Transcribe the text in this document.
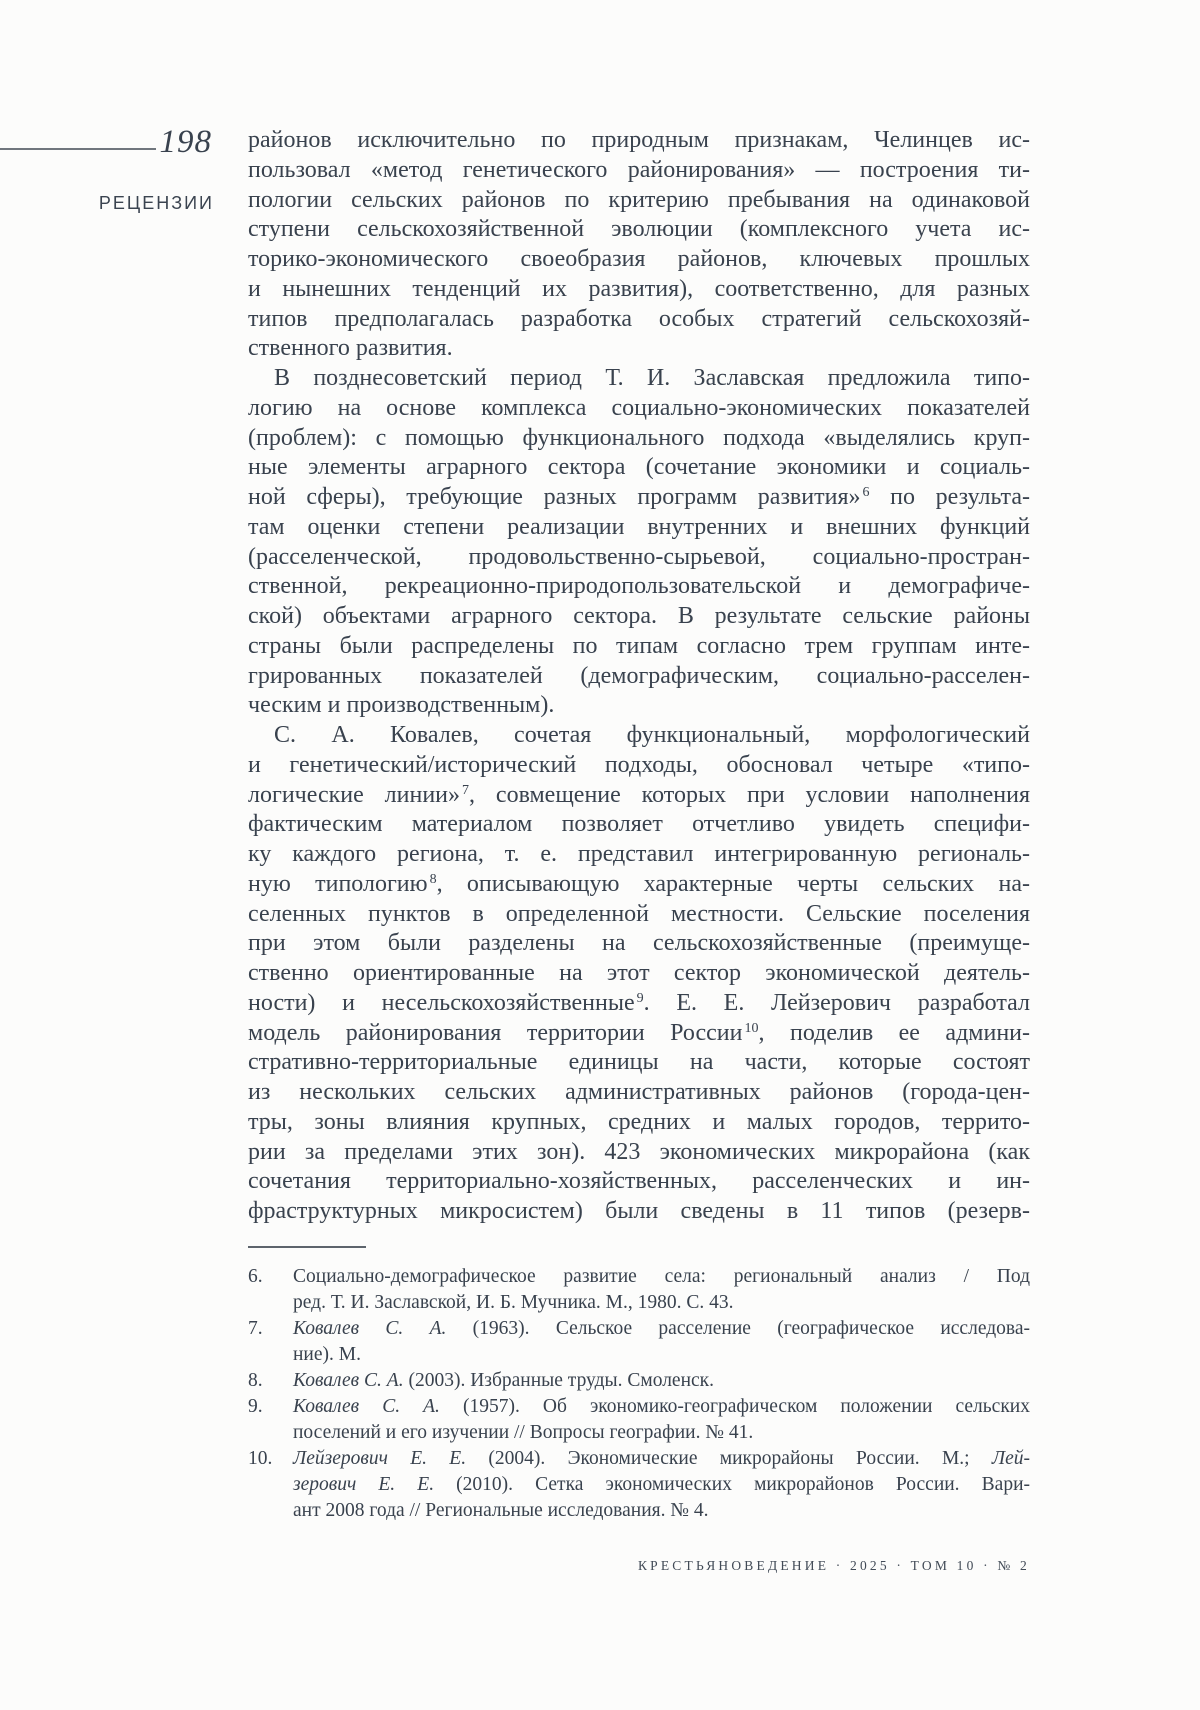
198
РЕЦЕНЗИИ
районов исключительно по природным признакам, Челинцев ис-
пользовал «метод генетического районирования» — построения ти-
пологии сельских районов по критерию пребывания на одинаковой
ступени сельскохозяйственной эволюции (комплексного учета ис-
торико-экономического своеобразия районов, ключевых прошлых
и нынешних тенденций их развития), соответственно, для разных
типов предполагалась разработка особых стратегий сельскохозяй-
ственного развития.
В позднесоветский период Т. И. Заславская предложила типо-
логию на основе комплекса социально-экономических показателей
(проблем): с помощью функционального подхода «выделялись круп-
ные элементы аграрного сектора (сочетание экономики и социаль-
ной сферы), требующие разных программ развития» $^6$ по результа-
там оценки степени реализации внутренних и внешних функций
(расселенческой, продовольственно-сырьевой, социально-простран-
ственной, рекреационно-природопользовательской и демографиче-
ской) объектами аграрного сектора. В результате сельские районы
страны были распределены по типам согласно трем группам инте-
грированных показателей (демографическим, социально-расселен-
ческим и производственным).
С. А. Ковалев, сочетая функциональный, морфологический
и генетический/исторический подходы, обосновал четыре «типо-
логические линии» $^7$, совмещение которых при условии наполнения
фактическим материалом позволяет отчетливо увидеть специфи-
ку каждого региона, т. е. представил интегрированную региональ-
ную типологию $^8$, описывающую характерные черты сельских на-
селенных пунктов в определенной местности. Сельские поселения
при этом были разделены на сельскохозяйственные (преимуще-
ственно ориентированные на этот сектор экономической деятель-
ности) и несельскохозяйственные $^9$. Е. Е. Лейзерович разработал
модель районирования территории России $^{10}$, поделив ее админи-
стративно-территориальные единицы на части, которые состоят
из нескольких сельских административных районов (города-цен-
тры, зоны влияния крупных, средних и малых городов, террито-
рии за пределами этих зон). 423 экономических микрорайона (как
сочетания территориально-хозяйственных, расселенческих и ин-
фраструктурных микросистем) были сведены в 11 типов (резерв-
6.	Социально-демографическое развитие села: региональный анализ / Под
ред. Т. И. Заславской, И. Б. Мучника. М., 1980. С. 43.
7.	Ковалев С. А. (1963). Сельское расселение (географическое исследова-
ние). М.
8.	Ковалев С. А. (2003). Избранные труды. Смоленск.
9.	Ковалев С. А. (1957). Об экономико-географическом положении сельских
поселений и его изучении // Вопросы географии. № 41.
10.	Лейзерович Е. Е. (2004). Экономические микрорайоны России. М.; Лей-
зерович Е. Е. (2010). Сетка экономических микрорайонов России. Вари-
ант 2008 года // Региональные исследования. № 4.
КРЕСТЬЯНОВЕДЕНИЕ · 2025 · ТОМ 10 · № 2
